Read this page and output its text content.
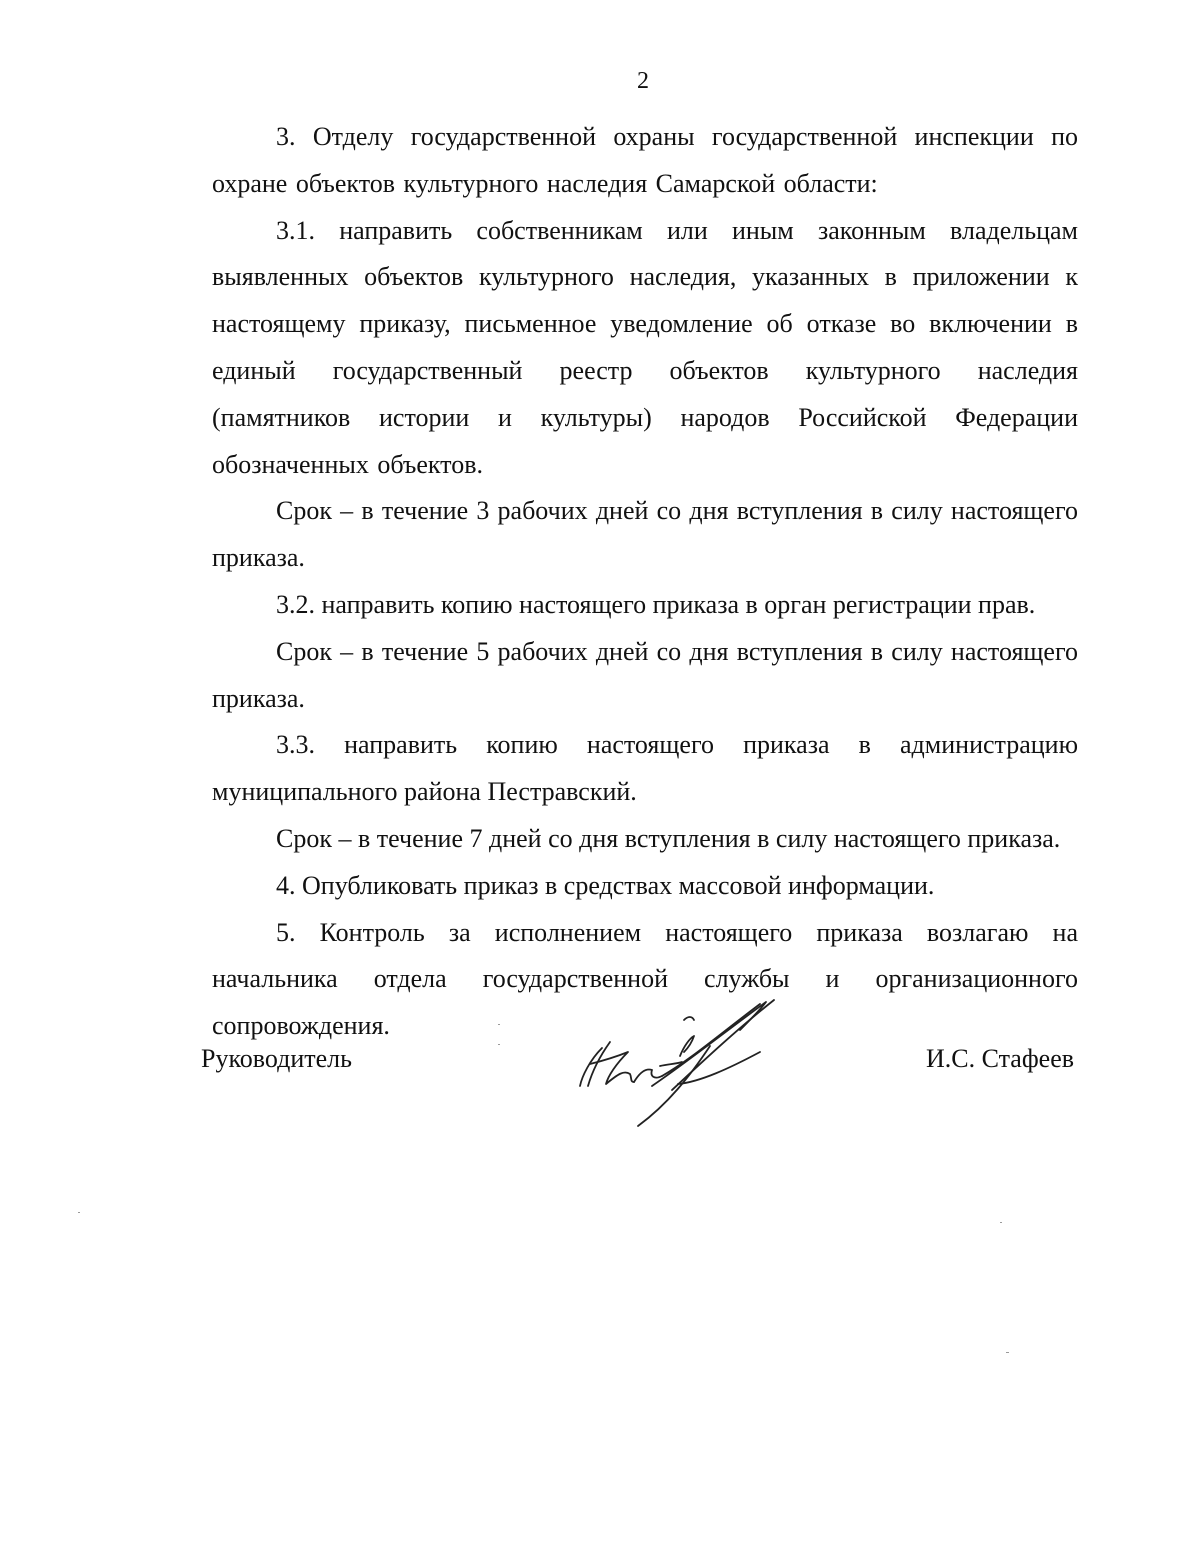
2

3. Отделу государственной охраны государственной инспекции по охране объектов культурного наследия Самарской области:

3.1. направить собственникам или иным законным владельцам выявленных объектов культурного наследия, указанных в приложении к настоящему приказу, письменное уведомление об отказе во включении в единый государственный реестр объектов культурного наследия (памятников истории и культуры) народов Российской Федерации обозначенных объектов.

Срок – в течение 3 рабочих дней со дня вступления в силу настоящего приказа.

3.2. направить копию настоящего приказа в орган регистрации прав.

Срок – в течение 5 рабочих дней со дня вступления в силу настоящего приказа.

3.3. направить копию настоящего приказа в администрацию муниципального района Пестравский.

Срок – в течение 7 дней со дня вступления в силу настоящего приказа.

4. Опубликовать приказ в средствах массовой информации.

5. Контроль за исполнением настоящего приказа возлагаю на начальника отдела государственной службы и организационного сопровождения.

Руководитель	И.С. Стафеев
